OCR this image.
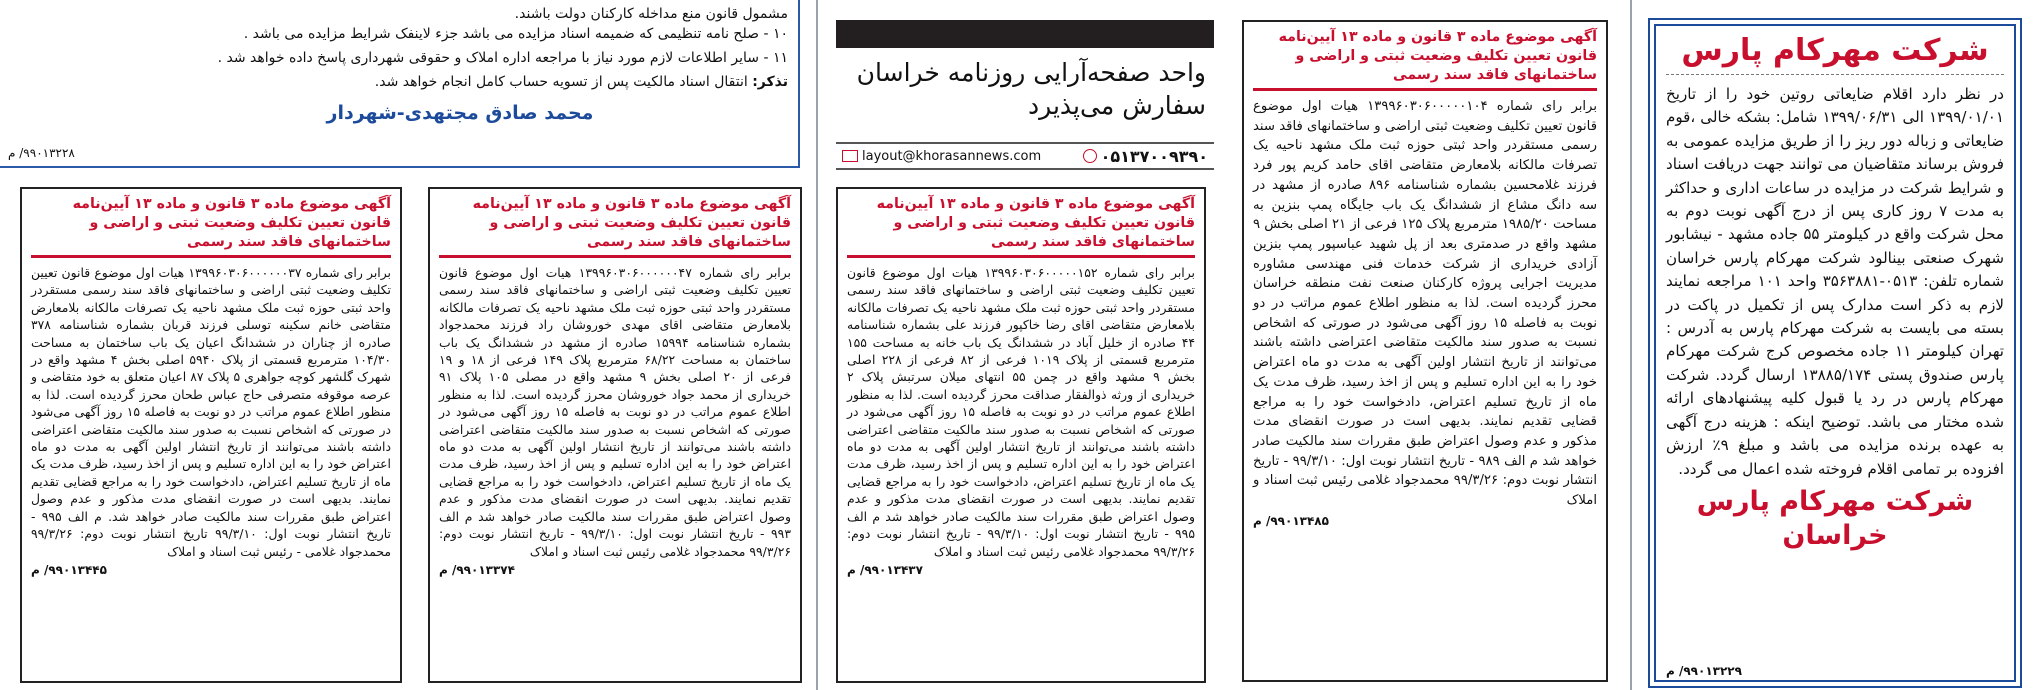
مشمول قانون منع مداخله کارکنان دولت باشند.
۱۰ - صلح نامه تنظیمی که ضمیمه اسناد مزایده می باشد جزء لاینفک شرایط مزایده می باشد .
۱۱ - سایر اطلاعات لازم مورد نیاز با مراجعه اداره املاک و حقوقی شهرداری پاسخ داده خواهد شد .
تذکر: انتقال اسناد مالکیت پس از تسویه حساب کامل انجام خواهد شد.
محمد صادق مجتهدی-شهردار
۹۹۰۱۳۲۲۸/ م
واحد صفحه‌آرایی روزنامه خراسان
سفارش می‌پذیرد
layout@khorasannews.com	۰۵۱۳۷۰۰۹۳۹۰
آگهی موضوع ماده ۳ قانون و ماده ۱۳ آیین‌نامه قانون تعیین تکلیف وضعیت ثبتی و اراضی و ساختمانهای فاقد سند رسمی
برابر رای شماره ۱۳۹۹۶۰۳۰۶۰۰۰۰۰۱۰۴ هیات اول موضوع قانون تعیین تکلیف وضعیت ثبتی اراضی و ساختمانهای فاقد سند رسمی مستقردر واحد ثبتی حوزه ثبت ملک مشهد ناحیه یک تصرفات مالکانه بلامعارض متقاضی اقای حامد کریم پور فرد فرزند غلامحسین بشماره شناسنامه ۸۹۶ صادره از مشهد در سه دانگ مشاع از ششدانگ یک باب جایگاه پمپ بنزین به مساحت ۱۹۸۵/۲۰ مترمربع پلاک ۱۲۵ فرعی از ۲۱ اصلی بخش ۹ مشهد واقع در صدمتری بعد از پل شهید عباسپور پمپ بنزین آزادی خریداری از شرکت خدمات فنی مهندسی مشاوره مدیریت اجرایی پروژه کارکنان صنعت نفت منطقه خراسان محرز گردیده است. لذا به منظور اطلاع عموم مراتب در دو نوبت به فاصله ۱۵ روز آگهی می‌شود در صورتی که اشخاص نسبت به صدور سند مالکیت متقاضی اعتراضی داشته باشند می‌توانند از تاریخ انتشار اولین آگهی به مدت دو ماه اعتراض خود را به این اداره تسلیم و پس از اخذ رسید، ظرف مدت یک ماه از تاریخ تسلیم اعتراض، دادخواست خود را به مراجع قضایی تقدیم نمایند. بدیهی است در صورت انقضای مدت مذکور و عدم وصول اعتراض طبق مقررات سند مالکیت صادر خواهد شد م الف ۹۸۹ - تاریخ انتشار نوبت اول: ۹۹/۳/۱۰ - تاریخ انتشار نوبت دوم: ۹۹/۳/۲۶ محمدجواد غلامی رئیس ثبت اسناد و املاک
۹۹۰۱۳۴۸۵/ م
آگهی موضوع ماده ۳ قانون و ماده ۱۳ آیین‌نامه قانون تعیین تکلیف وضعیت ثبتی و اراضی و ساختمانهای فاقد سند رسمی
برابر رای شماره ۱۳۹۹۶۰۳۰۶۰۰۰۰۰۱۵۲ هیات اول موضوع قانون تعیین تکلیف وضعیت ثبتی اراضی و ساختمانهای فاقد سند رسمی مستقردر واحد ثبتی حوزه ثبت ملک مشهد ناحیه یک تصرفات مالکانه بلامعارض متقاضی اقای رضا خاکپور فرزند علی بشماره شناسنامه ۴۴ صادره از خلیل آباد در ششدانگ یک باب خانه به مساحت ۱۵۵ مترمربع قسمتی از پلاک ۱۰۱۹ فرعی از ۸۲ فرعی از ۲۲۸ اصلی بخش ۹ مشهد واقع در چمن ۵۵ انتهای میلان سرتبش پلاک ۲ خریداری از ورثه ذوالفقار صداقت محرز گردیده است. لذا به منظور اطلاع عموم مراتب در دو نوبت به فاصله ۱۵ روز آگهی می‌شود در صورتی که اشخاص نسبت به صدور سند مالکیت متقاضی اعتراضی داشته باشند می‌توانند از تاریخ انتشار اولین آگهی به مدت دو ماه اعتراض خود را به این اداره تسلیم و پس از اخذ رسید، ظرف مدت یک ماه از تاریخ تسلیم اعتراض، دادخواست خود را به مراجع قضایی تقدیم نمایند. بدیهی است در صورت انقضای مدت مذکور و عدم وصول اعتراض طبق مقررات سند مالکیت صادر خواهد شد م الف ۹۹۵ - تاریخ انتشار نوبت اول: ۹۹/۳/۱۰ - تاریخ انتشار نوبت دوم: ۹۹/۳/۲۶ محمدجواد غلامی رئیس ثبت اسناد و املاک
۹۹۰۱۳۴۳۷/ م
آگهی موضوع ماده ۳ قانون و ماده ۱۳ آیین‌نامه قانون تعیین تکلیف وضعیت ثبتی و اراضی و ساختمانهای فاقد سند رسمی
برابر رای شماره ۱۳۹۹۶۰۳۰۶۰۰۰۰۰۰۴۷ هیات اول موضوع قانون تعیین تکلیف وضعیت ثبتی اراضی و ساختمانهای فاقد سند رسمی مستقردر واحد ثبتی حوزه ثبت ملک مشهد ناحیه یک تصرفات مالکانه بلامعارض متقاضی اقای مهدی خوروشان راد فرزند محمدجواد بشماره شناسنامه ۱۵۹۹۴ صادره از مشهد در ششدانگ یک باب ساختمان به مساحت ۶۸/۲۲ مترمربع پلاک ۱۴۹ فرعی از ۱۸ و ۱۹ فرعی از ۲۰ اصلی بخش ۹ مشهد واقع در مصلی ۱۰۵ پلاک ۹۱ خریداری از محمد جواد خوروشان محرز گردیده است. لذا به منظور اطلاع عموم مراتب در دو نوبت به فاصله ۱۵ روز آگهی می‌شود در صورتی که اشخاص نسبت به صدور سند مالکیت متقاضی اعتراضی داشته باشند می‌توانند از تاریخ انتشار اولین آگهی به مدت دو ماه اعتراض خود را به این اداره تسلیم و پس از اخذ رسید، ظرف مدت یک ماه از تاریخ تسلیم اعتراض، دادخواست خود را به مراجع قضایی تقدیم نمایند. بدیهی است در صورت انقضای مدت مذکور و عدم وصول اعتراض طبق مقررات سند مالکیت صادر خواهد شد م الف ۹۹۳ - تاریخ انتشار نوبت اول: ۹۹/۳/۱۰ - تاریخ انتشار نوبت دوم: ۹۹/۳/۲۶ محمدجواد غلامی رئیس ثبت اسناد و املاک
۹۹۰۱۳۳۷۴/ م
آگهی موضوع ماده ۳ قانون و ماده ۱۳ آیین‌نامه قانون تعیین تکلیف وضعیت ثبتی و اراضی و ساختمانهای فاقد سند رسمی
برابر رای شماره ۱۳۹۹۶۰۳۰۶۰۰۰۰۰۰۳۷ هیات اول موضوع قانون تعیین تکلیف وضعیت ثبتی اراضی و ساختمانهای فاقد سند رسمی مستقردر واحد ثبتی حوزه ثبت ملک مشهد ناحیه یک تصرفات مالکانه بلامعارض متقاضی خانم سکینه توسلی فرزند قربان بشماره شناسنامه ۳۷۸ صادره از چناران در ششدانگ اعیان یک باب ساختمان به مساحت ۱۰۴/۳۰ مترمربع قسمتی از پلاک ۵۹۴۰ اصلی بخش ۴ مشهد واقع در شهرک گلشهر کوچه جواهری ۵ پلاک ۸۷ اعیان متعلق به خود متقاضی و عرصه موقوفه متصرفی حاج عباس طحان محرز گردیده است. لذا به منظور اطلاع عموم مراتب در دو نوبت به فاصله ۱۵ روز آگهی می‌شود در صورتی که اشخاص نسبت به صدور سند مالکیت متقاضی اعتراضی داشته باشند می‌توانند از تاریخ انتشار اولین آگهی به مدت دو ماه اعتراض خود را به این اداره تسلیم و پس از اخذ رسید، ظرف مدت یک ماه از تاریخ تسلیم اعتراض، دادخواست خود را به مراجع قضایی تقدیم نمایند. بدیهی است در صورت انقضای مدت مذکور و عدم وصول اعتراض طبق مقررات سند مالکیت صادر خواهد شد. م الف ۹۹۵ - تاریخ انتشار نوبت اول: ۹۹/۳/۱۰ تاریخ انتشار نوبت دوم: ۹۹/۳/۲۶ محمدجواد غلامی - رئیس ثبت اسناد و املاک
۹۹۰۱۳۴۴۵/ م
شرکت مهرکام پارس
در نظر دارد اقلام ضایعاتی روتین خود را از تاریخ ۱۳۹۹/۰۱/۰۱ الی ۱۳۹۹/۰۶/۳۱ شامل: بشکه خالی ،قوم ضایعاتی و زباله دور ریز را از طریق مزایده عمومی به فروش برساند متقاضیان می توانند جهت دریافت اسناد و شرایط شرکت در مزایده در ساعات اداری و حداکثر به مدت ۷ روز کاری پس از درج آگهی نوبت دوم به محل شرکت واقع در کیلومتر ۵۵ جاده مشهد - نیشابور شهرک صنعتی بینالود شرکت مهرکام پارس خراسان شماره تلفن: ۰۵۱۳-۳۵۶۳۸۸۱ واحد ۱۰۱ مراجعه نمایند لازم به ذکر است مدارک پس از تکمیل در پاکت در بسته می بایست به شرکت مهرکام پارس به آدرس : تهران کیلومتر ۱۱ جاده مخصوص کرج شرکت مهرکام پارس صندوق پستی ۱۳۸۸۵/۱۷۴ ارسال گردد. شرکت مهرکام پارس در رد یا قبول کلیه پیشنهادهای ارائه شده مختار می باشد. توضیح اینکه : هزینه درج آگهی به عهده برنده مزایده می باشد و مبلغ ۹٪ ارزش افزوده بر تمامی اقلام فروخته شده اعمال می گردد.
شرکت مهرکام پارس خراسان
۹۹۰۱۳۲۲۹/ م
